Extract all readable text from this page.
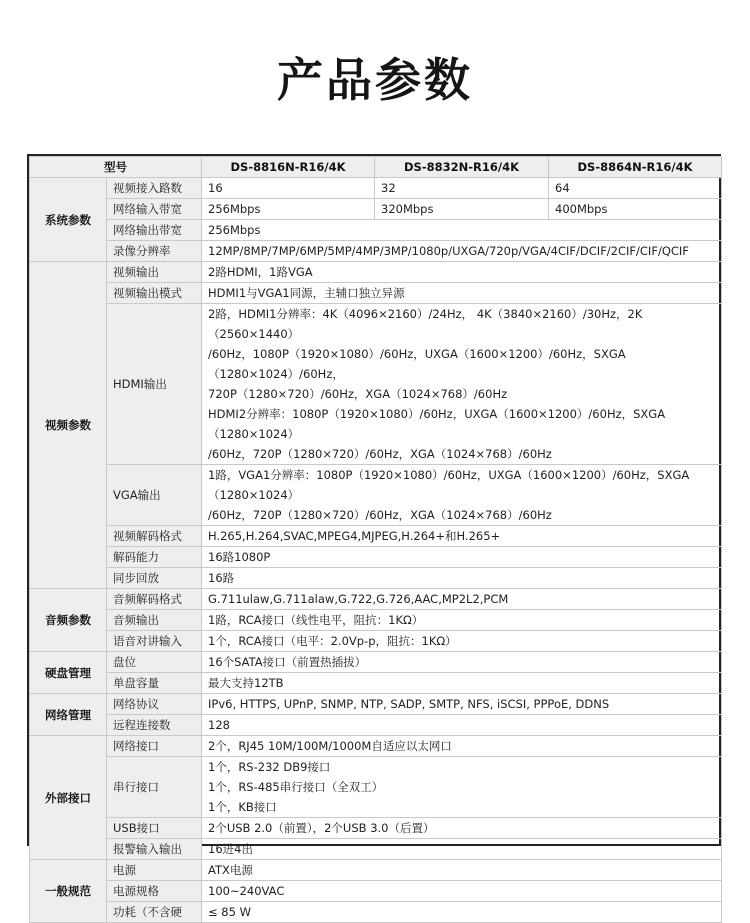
产品参数
型号		DS-8816N-R16/4K	DS-8832N-R16/4K	DS-8864N-R16/4K
系统参数	视频接入路数	16	32	64
	网络输入带宽	256Mbps	320Mbps	400Mbps
	网络输出带宽	256Mbps		

	录像分辨率	12MP/8MP/7MP/6MP/5MP/4MP/3MP/1080p/UXGA/720p/VGA/4CIF/DCIF/2CIF/CIF/QCIF		

视频参数	视频输出	2路HDMI，1路VGA		

	视频输出模式	HDMI1与VGA1同源，主辅口独立异源		

	HDMI输出	2路，HDMI1分辨率：4K（4096×2160）/24Hz， 4K（3840×2160）/30Hz，2K（2560×1440）
/60Hz，1080P（1920×1080）/60Hz，UXGA（1600×1200）/60Hz，SXGA（1280×1024）/60Hz，
720P（1280×720）/60Hz，XGA（1024×768）/60Hz
HDMI2分辨率：1080P（1920×1080）/60Hz，UXGA（1600×1200）/60Hz，SXGA（1280×1024）
/60Hz，720P（1280×720）/60Hz，XGA（1024×768）/60Hz		

	VGA输出	1路，VGA1分辨率：1080P（1920×1080）/60Hz，UXGA（1600×1200）/60Hz，SXGA（1280×1024）
/60Hz，720P（1280×720）/60Hz，XGA（1024×768）/60Hz		

	视频解码格式	H.265,H.264,SVAC,MPEG4,MJPEG,H.264+和H.265+		

	解码能力	16路1080P		

	同步回放	16路		

音频参数	音频解码格式	G.711ulaw,G.711alaw,G.722,G.726,AAC,MP2L2,PCM		

	音频输出	1路，RCA接口（线性电平，阻抗：1KΩ）		

	语音对讲输入	1个，RCA接口（电平：2.0Vp-p，阻抗：1KΩ）		

硬盘管理	盘位	16个SATA接口（前置热插拔）		

	单盘容量	最大支持12TB		

网络管理	网络协议	IPv6, HTTPS, UPnP, SNMP, NTP, SADP, SMTP, NFS, iSCSI, PPPoE, DDNS		

	远程连接数	128		

外部接口	网络接口	2个，RJ45 10M/100M/1000M自适应以太网口		

	串行接口	1个，RS-232 DB9接口
1个，RS-485串行接口（全双工）
1个，KB接口		

	USB接口	2个USB 2.0（前置），2个USB 3.0（后置）		

	报警输入输出	16进4出		

一般规范	电源	ATX电源		

	电源规格	100~240VAC		

	功耗（不含硬	≤ 85 W		
